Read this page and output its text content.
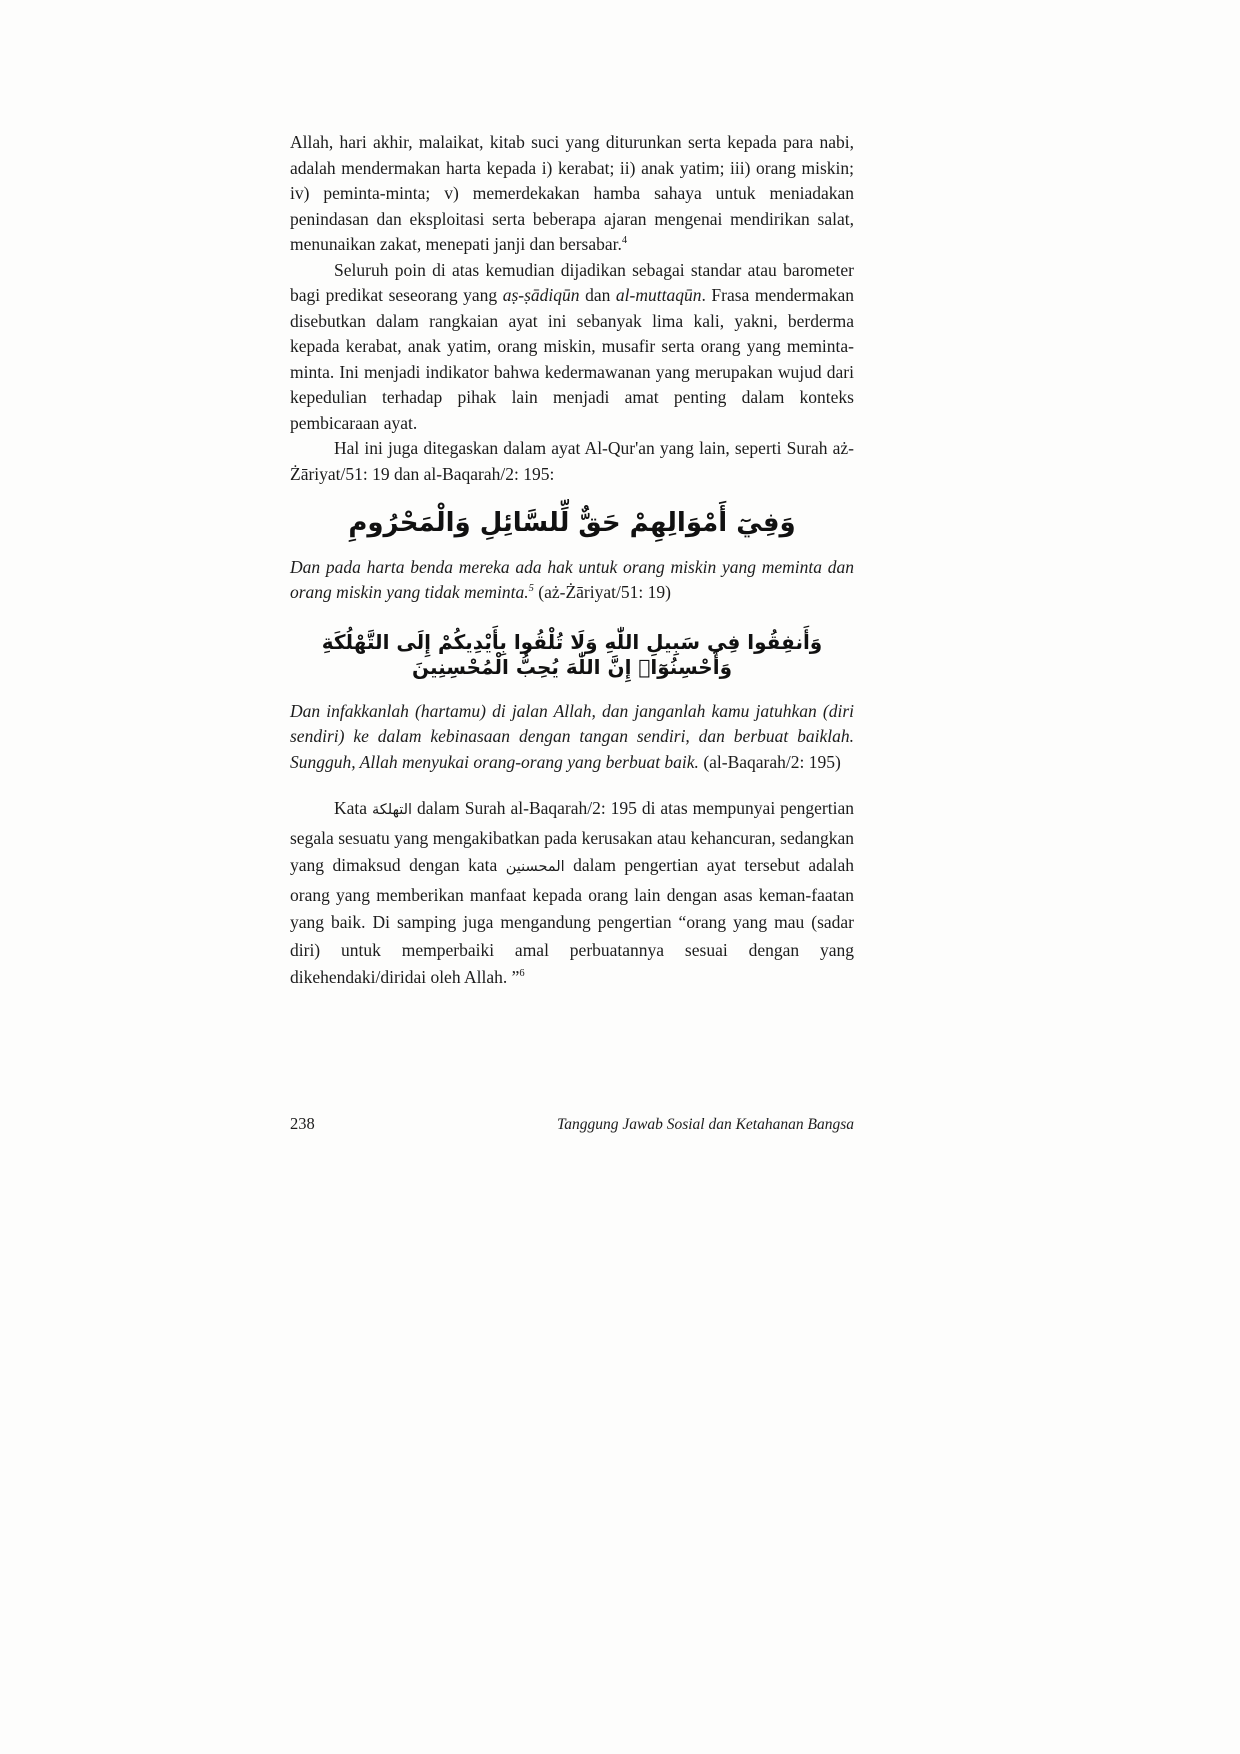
Allah, hari akhir, malaikat, kitab suci yang diturunkan serta kepada para nabi, adalah mendermakan harta kepada i) kerabat; ii) anak yatim; iii) orang miskin; iv) peminta-minta; v) memerdekakan hamba sahaya untuk meniadakan penindasan dan eksploitasi serta beberapa ajaran mengenai mendirikan salat, menunaikan zakat, menepati janji dan bersabar.$^4$

Seluruh poin di atas kemudian dijadikan sebagai standar atau barometer bagi predikat seseorang yang aṣ-ṣādiqūn dan al-muttaqūn. Frasa mendermakan disebutkan dalam rangkaian ayat ini sebanyak lima kali, yakni, berderma kepada kerabat, anak yatim, orang miskin, musafir serta orang yang meminta-minta. Ini menjadi indikator bahwa kedermawanan yang merupakan wujud dari kepedulian terhadap pihak lain menjadi amat penting dalam konteks pembicaraan ayat.

Hal ini juga ditegaskan dalam ayat Al-Qur'an yang lain, seperti Surah aż-Żāriyat/51: 19 dan al-Baqarah/2: 195:

وَفِيٓ أَمْوَالِهِمْ حَقٌّ لِّلسَّائِلِ وَالْمَحْرُومِ

Dan pada harta benda mereka ada hak untuk orang miskin yang meminta dan orang miskin yang tidak meminta.$^5$ (aż-Żāriyat/51: 19)

وَأَنفِقُوا فِي سَبِيلِ اللّٰهِ وَلَا تُلْقُوا بِأَيْدِيكُمْ إِلَى التَّهْلُكَةِ وَأَحْسِنُوٓا۟ إِنَّ اللّٰهَ يُحِبُّ الْمُحْسِنِينَ

Dan infakkanlah (hartamu) di jalan Allah, dan janganlah kamu jatuhkan (diri sendiri) ke dalam kebinasaan dengan tangan sendiri, dan berbuat baiklah. Sungguh, Allah menyukai orang-orang yang berbuat baik. (al-Baqarah/2: 195)

Kata التهلكة dalam Surah al-Baqarah/2: 195 di atas mempunyai pengertian segala sesuatu yang mengakibatkan pada kerusakan atau kehancuran, sedangkan yang dimaksud dengan kata المحسنين dalam pengertian ayat tersebut adalah orang yang memberikan manfaat kepada orang lain dengan asas keman-faatan yang baik. Di samping juga mengandung pengertian “orang yang mau (sadar diri) untuk memperbaiki amal perbuatannya sesuai dengan yang dikehendaki/diridai oleh Allah. ”$^6$

238	Tanggung Jawab Sosial dan Ketahanan Bangsa
